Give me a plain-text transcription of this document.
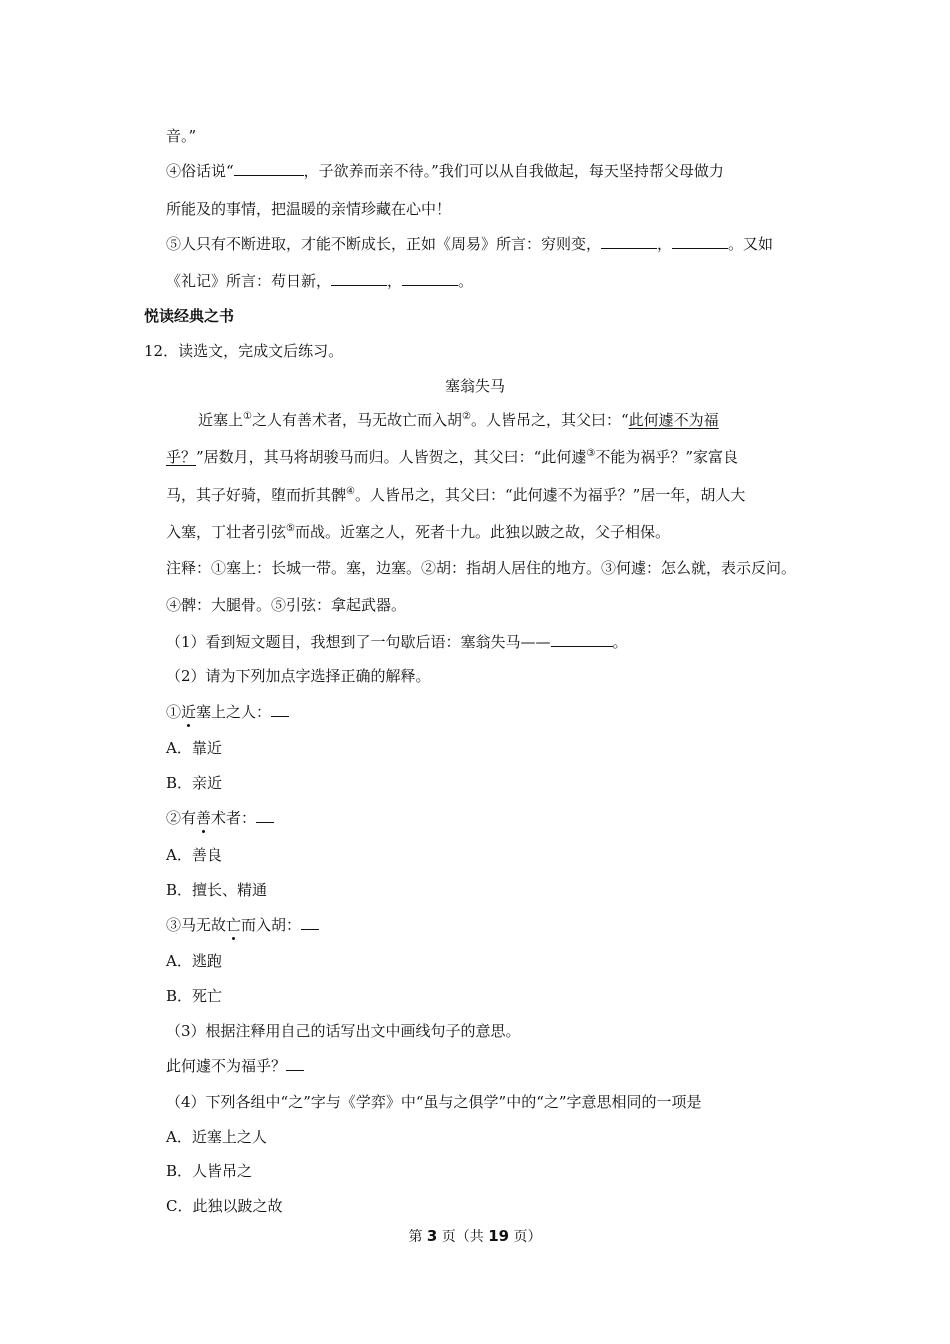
音。”
④俗话说“	，子欲养而亲不待。”我们可以从自我做起，每天坚持帮父母做力
所能及的事情，把温暖的亲情珍藏在心中！
⑤人只有不断进取，才能不断成长，正如《周易》所言：穷则变，	，	。又如
《礼记》所言：苟日新，	，	。
悦读经典之书
12．读选文，完成文后练习。
塞翁失马
近塞上①之人有善术者，马无故亡而入胡②。人皆吊之，其父曰：“此何遽不为福
乎？”居数月，其马将胡骏马而归。人皆贺之，其父曰：“此何遽③不能为祸乎？”家富良
马，其子好骑，堕而折其髀④。人皆吊之，其父曰：“此何遽不为福乎？”居一年，胡人大
入塞，丁壮者引弦⑤而战。近塞之人，死者十九。此独以跛之故，父子相保。
注释：①塞上：长城一带。塞，边塞。②胡：指胡人居住的地方。③何遽：怎么就，表示反问。
④髀：大腿骨。⑤引弦：拿起武器。
（1）看到短文题目，我想到了一句歇后语：塞翁失马——	。
（2）请为下列加点字选择正确的解释。
①近塞上之人：
A．靠近
B．亲近
②有善术者：
A．善良
B．擅长、精通
③马无故亡而入胡：
A．逃跑
B．死亡
（3）根据注释用自己的话写出文中画线句子的意思。
此何遽不为福乎？
（4）下列各组中“之”字与《学弈》中“虽与之俱学”中的“之”字意思相同的一项是
A．近塞上之人
B．人皆吊之
C．此独以跛之故
第 3 页（共 19 页）
